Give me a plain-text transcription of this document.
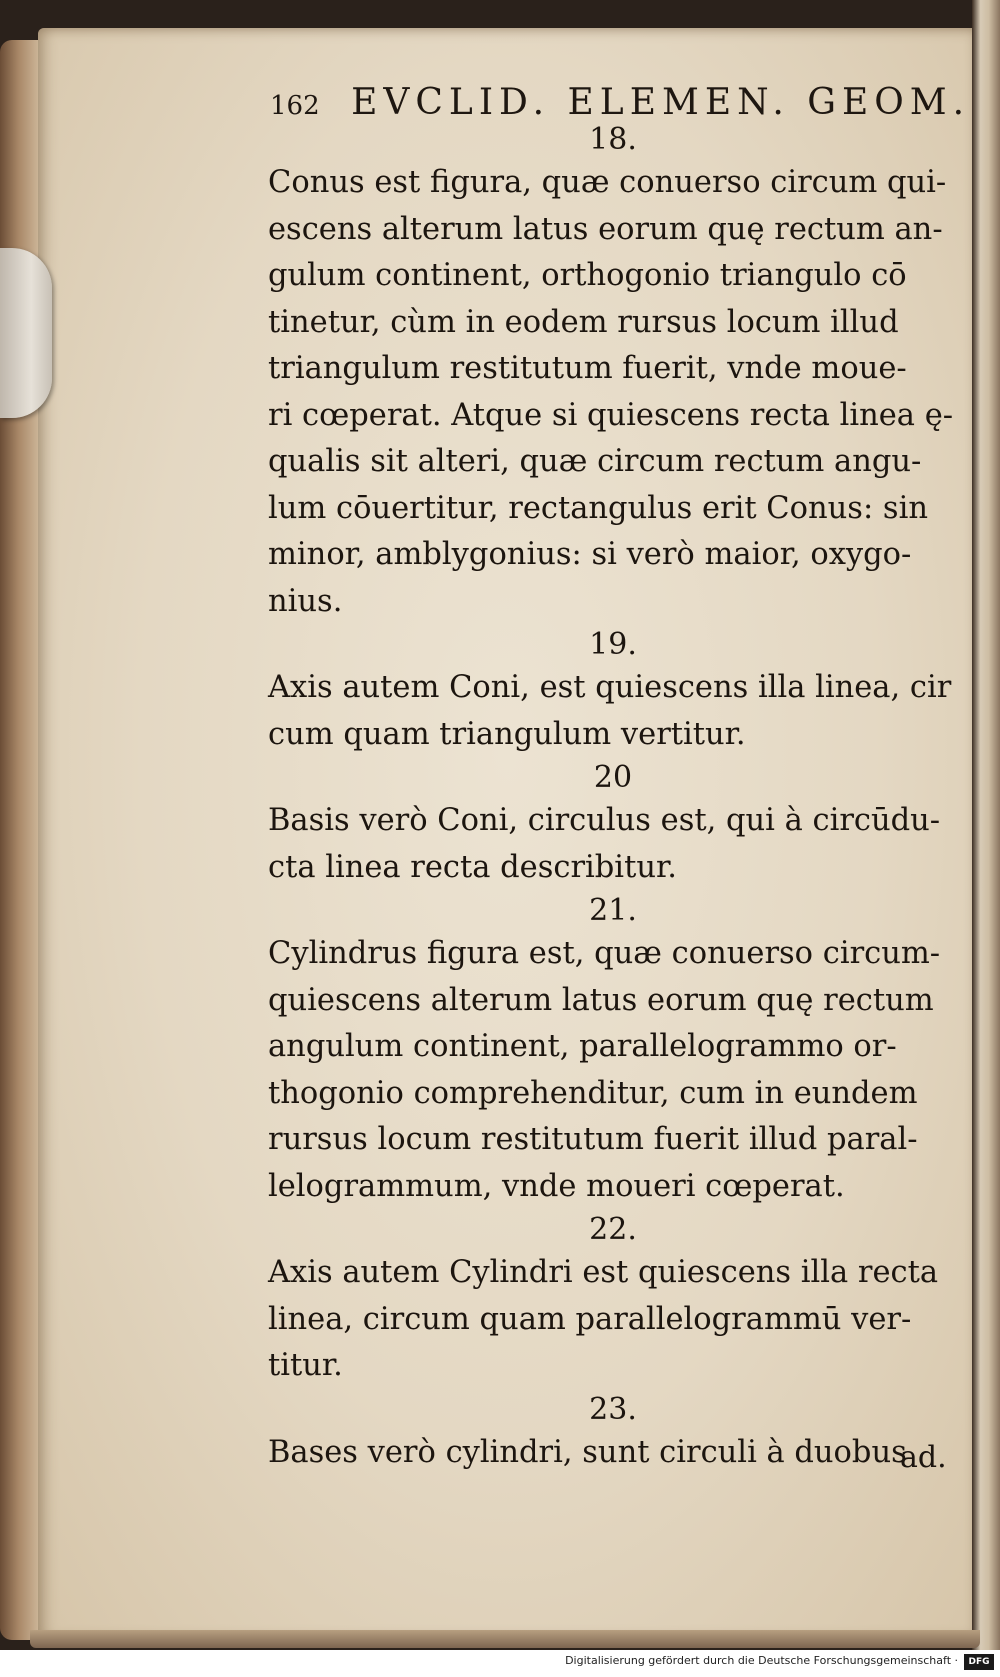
162 EVCLID. ELEMEN. GEOM.

18.

Conus est figura, quæ conuerso circum qui-
escens alterum latus eorum quę rectum an-
gulum continent, orthogonio triangulo cō
tinetur, cùm in eodem rursus locum illud
triangulum restitutum fuerit, vnde moue-
ri cœperat. Atque si quiescens recta linea ę-
qualis sit alteri, quæ circum rectum angu-
lum cōuertitur, rectangulus erit Conus: sin
minor, amblygonius: si verò maior, oxygo-
nius.

19.

Axis autem Coni, est quiescens illa linea, cir
cum quam triangulum vertitur.

20

Basis verò Coni, circulus est, qui à circūdu-
cta linea recta describitur.

21.

Cylindrus figura est, quæ conuerso circum-
quiescens alterum latus eorum quę rectum
angulum continent, parallelogrammo or-
thogonio comprehenditur, cum in eundem
rursus locum restitutum fuerit illud paral-
lelogrammum, vnde moueri cœperat.

22.

Axis autem Cylindri est quiescens illa recta
linea, circum quam parallelogrammū ver-
titur.

23.

Bases verò cylindri, sunt circuli à duobus

ad.
Digitalisierung gefördert durch die Deutsche Forschungsgemeinschaft ·	DFG
